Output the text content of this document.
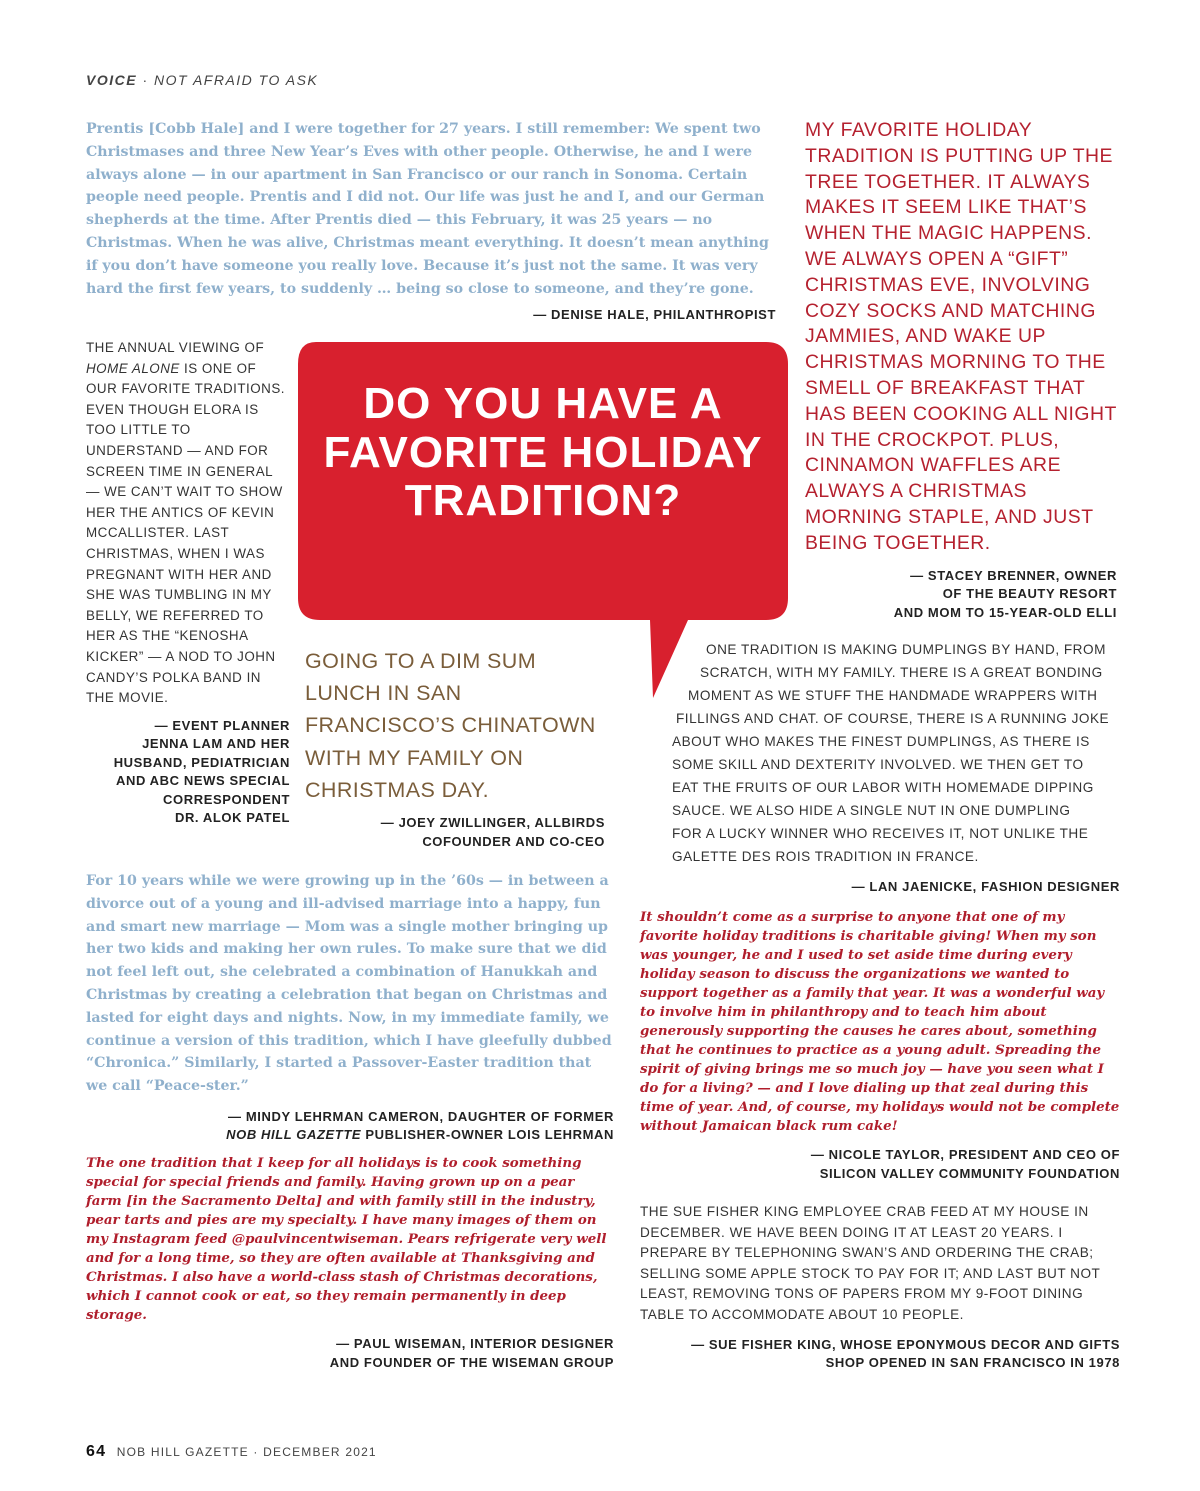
VOICE · NOT AFRAID TO ASK

Prentis [Cobb Hale] and I were together for 27 years. I still remember: We spent two Christmases and three New Year’s Eves with other people. Otherwise, he and I were always alone — in our apartment in San Francisco or our ranch in Sonoma. Certain people need people. Prentis and I did not. Our life was just he and I, and our German shepherds at the time. After Prentis died — this February, it was 25 years — no Christmas. When he was alive, Christmas meant everything. It doesn’t mean anything if you don’t have someone you really love. Because it’s just not the same. It was very hard the first few years, to suddenly … being so close to someone, and they’re gone.

— DENISE HALE, PHILANTHROPIST

MY FAVORITE HOLIDAY TRADITION IS PUTTING UP THE TREE TOGETHER. IT ALWAYS MAKES IT SEEM LIKE THAT’S WHEN THE MAGIC HAPPENS. WE ALWAYS OPEN A “GIFT” CHRISTMAS EVE, INVOLVING COZY SOCKS AND MATCHING JAMMIES, AND WAKE UP CHRISTMAS MORNING TO THE SMELL OF BREAKFAST THAT HAS BEEN COOKING ALL NIGHT IN THE CROCKPOT. PLUS, CINNAMON WAFFLES ARE ALWAYS A CHRISTMAS MORNING STAPLE, AND JUST BEING TOGETHER.

— STACEY BRENNER, OWNER

OF THE BEAUTY RESORT

AND MOM TO 15-YEAR-OLD ELLI

THE ANNUAL VIEWING OF HOME ALONE IS ONE OF OUR FAVORITE TRADITIONS. EVEN THOUGH ELORA IS TOO LITTLE TO UNDERSTAND — AND FOR SCREEN TIME IN GENERAL — WE CAN’T WAIT TO SHOW HER THE ANTICS OF KEVIN MCCALLISTER. LAST CHRISTMAS, WHEN I WAS PREGNANT WITH HER AND SHE WAS TUMBLING IN MY BELLY, WE REFERRED TO HER AS THE “KENOSHA KICKER” — A NOD TO JOHN CANDY’S POLKA BAND IN THE MOVIE.

— EVENT PLANNER

JENNA LAM AND HER

HUSBAND, PEDIATRICIAN

AND ABC NEWS SPECIAL

CORRESPONDENT

DR. ALOK PATEL

DO YOU HAVE A FAVORITE HOLIDAY TRADITION?

GOING TO A DIM SUM LUNCH IN SAN FRANCISCO’S CHINATOWN WITH MY FAMILY ON CHRISTMAS DAY.

— JOEY ZWILLINGER, ALLBIRDS

COFOUNDER AND CO-CEO

ONE TRADITION IS MAKING DUMPLINGS BY HAND, FROM

SCRATCH, WITH MY FAMILY. THERE IS A GREAT BONDING

MOMENT AS WE STUFF THE HANDMADE WRAPPERS WITH

FILLINGS AND CHAT. OF COURSE, THERE IS A RUNNING JOKE

ABOUT WHO MAKES THE FINEST DUMPLINGS, AS THERE IS

SOME SKILL AND DEXTERITY INVOLVED. WE THEN GET TO

EAT THE FRUITS OF OUR LABOR WITH HOMEMADE DIPPING

SAUCE. WE ALSO HIDE A SINGLE NUT IN ONE DUMPLING

FOR A LUCKY WINNER WHO RECEIVES IT, NOT UNLIKE THE

GALETTE DES ROIS TRADITION IN FRANCE.

— LAN JAENICKE, FASHION DESIGNER

For 10 years while we were growing up in the ’60s — in between a divorce out of a young and ill-advised marriage into a happy, fun and smart new marriage — Mom was a single mother bringing up her two kids and making her own rules. To make sure that we did not feel left out, she celebrated a combination of Hanukkah and Christmas by creating a celebration that began on Christmas and lasted for eight days and nights. Now, in my immediate family, we continue a version of this tradition, which I have gleefully dubbed “Chronica.” Similarly, I started a Passover-Easter tradition that we call “Peace-ster.”

— MINDY LEHRMAN CAMERON, DAUGHTER OF FORMER

NOB HILL GAZETTE PUBLISHER-OWNER LOIS LEHRMAN

It shouldn’t come as a surprise to anyone that one of my favorite holiday traditions is charitable giving! When my son was younger, he and I used to set aside time during every holiday season to discuss the organizations we wanted to support together as a family that year. It was a wonderful way to involve him in philanthropy and to teach him about generously supporting the causes he cares about, something that he continues to practice as a young adult. Spreading the spirit of giving brings me so much joy — have you seen what I do for a living? — and I love dialing up that zeal during this time of year. And, of course, my holidays would not be complete without Jamaican black rum cake!

— NICOLE TAYLOR, PRESIDENT AND CEO OF

SILICON VALLEY COMMUNITY FOUNDATION

The one tradition that I keep for all holidays is to cook something special for special friends and family. Having grown up on a pear farm [in the Sacramento Delta] and with family still in the industry, pear tarts and pies are my specialty. I have many images of them on my Instagram feed @paulvincentwiseman. Pears refrigerate very well and for a long time, so they are often available at Thanksgiving and Christmas. I also have a world-class stash of Christmas decorations, which I cannot cook or eat, so they remain permanently in deep storage.

— PAUL WISEMAN, INTERIOR DESIGNER

AND FOUNDER OF THE WISEMAN GROUP

THE SUE FISHER KING EMPLOYEE CRAB FEED AT MY HOUSE IN DECEMBER. WE HAVE BEEN DOING IT AT LEAST 20 YEARS. I PREPARE BY TELEPHONING SWAN’S AND ORDERING THE CRAB; SELLING SOME APPLE STOCK TO PAY FOR IT; AND LAST BUT NOT LEAST, REMOVING TONS OF PAPERS FROM MY 9-FOOT DINING TABLE TO ACCOMMODATE ABOUT 10 PEOPLE.

— SUE FISHER KING, WHOSE EPONYMOUS DECOR AND GIFTS

SHOP OPENED IN SAN FRANCISCO IN 1978

64 NOB HILL GAZETTE · DECEMBER 2021
